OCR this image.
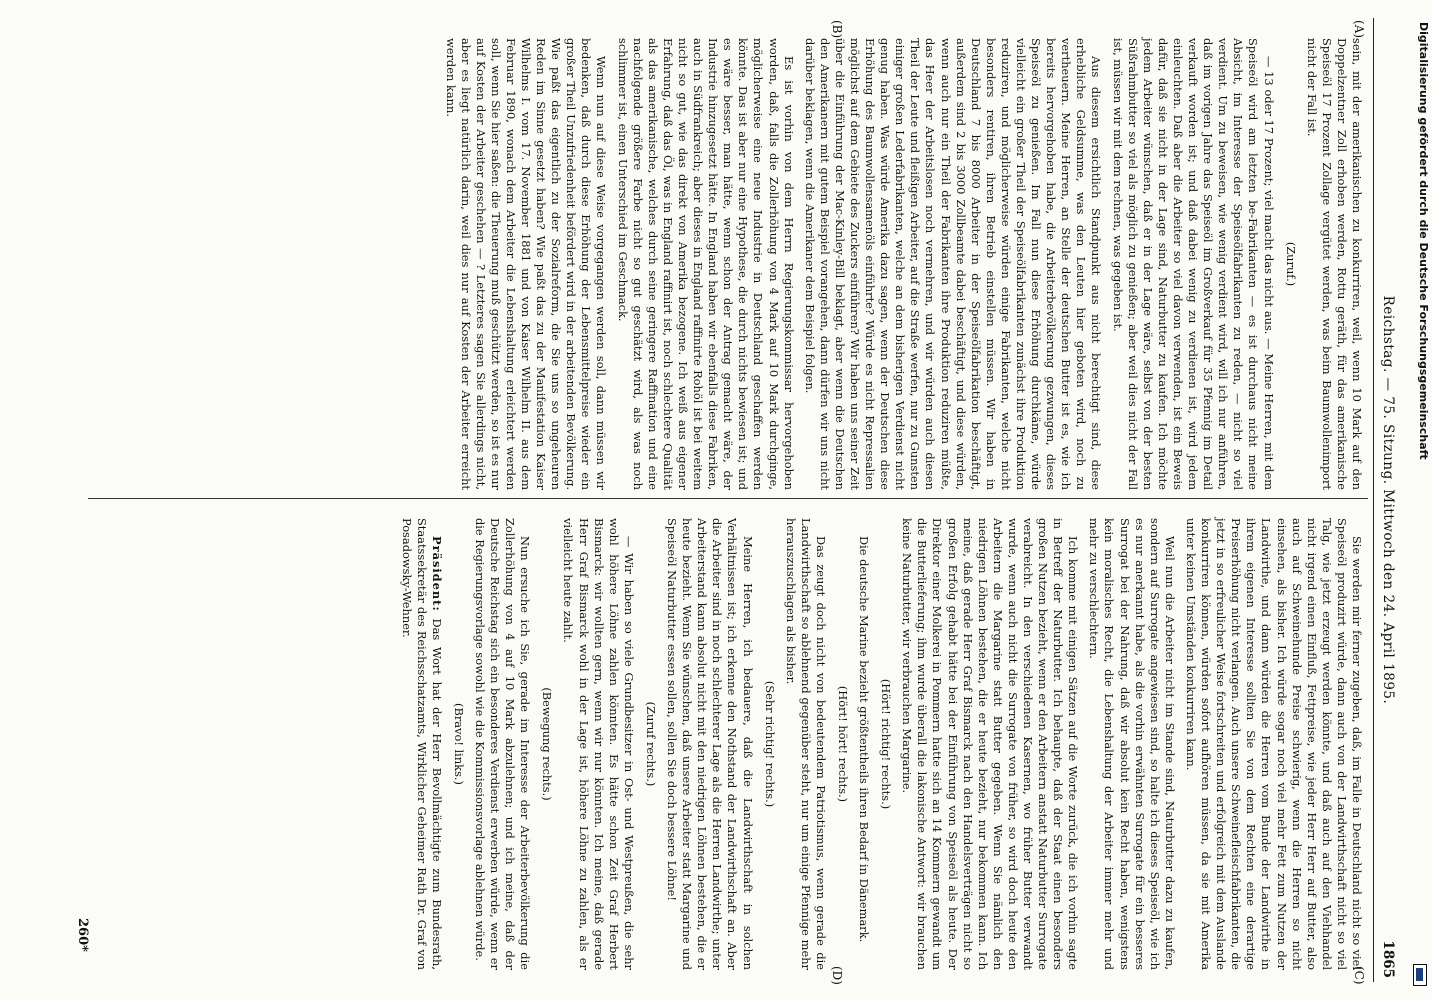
Reichstag. — 75. Sitzung. Mittwoch den 24. April 1895.
1865
(A)
(B)
(C)
(D)

sein, mit der amerikanischen zu konkurriren, weil, wenn 10 Mark auf den Doppelzentner Zoll erhoben werden, Rottu geräth, für das amerikanische Speiseöl 17 Prozent Zollage vergütet werden, was beim Baumwollenimport nicht der Fall ist.

(Zuruf.)

— 13 oder 17 Prozent; viel macht das nicht aus. — Meine Herren, mit dem Speiseöl wird am letzten be-Fabrikanten — es ist durchaus nicht meine Absicht, im Interesse der Speiseölfabrikanten zu reden, — nicht so viel verdient. Um zu beweisen, wie wenig verdient wird, will ich nur anführen, daß im vorigen Jahre das Speiseöl im Großverkauf für 35 Pfennig im Detail verkauft worden ist; und daß dabei wenig zu verdienen ist, wird jedem einleuchten. Daß aber die Arbeiter so viel davon verwenden, ist ein Beweis dafür, daß sie nicht in der Lage sind, Naturbutter zu kaufen. Ich möchte jedem Arbeiter wünschen, daß er in der Lage wäre, selbst von der besten Süßrahmbutter so viel als möglich zu genießen; aber weil dies nicht der Fall ist, müssen wir mit dem rechnen, was gegeben ist.

Aus diesem ersichtlich Standpunkt aus nicht berechtigt sind, diese erhebliche Geldsumme, was den Leuten hier geboten wird, noch zu vertheuern. Meine Herren, an Stelle der deutschen Butter ist es, wie ich bereits hervorgehoben habe, die Arbeiterbevölkerung gezwungen, dieses Speiseöl zu genießen. Im Fall nun diese Erhöhung durchkäme, würde vielleicht ein großer Theil der Speiseölfabrikanten zunächst ihre Produktion reduziren, und möglicherweise würden einige Fabrikanten, welche nicht besonders rentiren, ihren Betrieb einstellen müssen. Wir haben in Deutschland 7 bis 8000 Arbeiter in der Speiseölfabrikation beschäftigt, außerdem sind 2 bis 3000 Zollbeamte dabei beschäftigt, und diese würden, wenn auch nur ein Theil der Fabrikanten ihre Produktion reduziren müßte, das Heer der Arbeitslosen noch vermehren, und wir würden auch diesen Theil der Leute und fleißigen Arbeiter, auf die Straße werfen, nur zu Gunsten einiger großen Lederfabrikanten, welche an dem bisherigen Verdienst nicht genug haben. Was würde Amerika dazu sagen, wenn der Deutschen diese Erhöhung des Baumwollensamenöls einführte? Würde es nicht Repressalien möglichst auf dem Gebiete des Zuckers einführen? Wir haben uns seiner Zeit über die Einführung der Mac-Kinley-Bill beklagt, aber wenn die Deutschen den Amerikanern mit gutem Beispiel vorangehen, dann dürfen wir uns nicht darüber beklagen, wenn die Amerikaner dem Beispiel folgen.

Es ist vorhin von dem Herrn Regierungskommissar hervorgehoben worden, daß, falls die Zollerhöhung von 4 Mark auf 10 Mark durchginge, möglicherweise eine neue Industrie in Deutschland geschaffen werden könnte. Das ist aber nur eine Hypothese, die durch nichts bewiesen ist; und es wäre besser, man hätte, wenn schon der Antrag gemacht wäre, der Industrie hinzugesetzt hätte. In England haben wir ebenfalls diese Fabriken, auch in Südfrankreich; aber dieses in England raffinirte Rohöl ist bei weitem nicht so gut, wie das direkt von Amerika bezogene. Ich weiß aus eigener Erfahrung, daß das Öl, was in England raffinirt ist, noch schlechtere Qualität als das amerikanische, welches durch seine geringere Raffination und eine nachfolgende größere Farbe nicht so gut geschätzt wird, als was noch schlimmer ist, einen Unterschied im Geschmack.

Wenn nun auf diese Weise vorgegangen werden soll, dann müssen wir bedenken, daß durch diese Erhöhung der Lebensmittelpreise wieder ein großer Theil Unzufriedenheit befördert wird in der arbeitenden Bevölkerung. Wie paßt das eigentlich zu der Sozialreform, die Sie uns so ungeheuren Reden im Sinne gesetzt haben? Wie paßt das zu der Manifestation Kaiser Wilhelms I. vom 17. November 1881 und von Kaiser Wilhelm II. aus dem Februar 1890, wonach dem Arbeiter die Lebenshaltung erleichtert werden soll, wenn Sie hier saßen: die Theuerung muß geschützt werden, so ist es nur auf Kosten der Arbeiter geschehen — ? Letzteres sagen Sie allerdings nicht, aber es liegt natürlich darin, weil dies nur auf Kosten der Arbeiter erreicht werden kann.

Sie werden mir ferner zugeben, daß, im Falle in Deutschland nicht so viel Speiseöl produzirt würde, dann auch von der Landwirthschaft nicht so viel Talg, wie jetzt erzeugt werden könnte, und daß auch auf den Viehhandel nicht irgend einen Einfluß, Fettpreise, wie jeder Herr Herr auf Butter, also auch auf Schweinehunde Preise schwierig, wenn die Herren so nicht einsehen, als bisher. Ich würde sogar noch viel mehr Fett zum Nutzen der Landwirthe, und dann würden die Herren vom Bunde der Landwirthe in ihrem eigenen Interesse sollten Sie von dem Rechten eine derartige Preiserhöhung nicht verlangen. Auch unsere Schweinefleischfabrikanten, die jetzt in so erfreulicher Weise fortschreiten und erfolgreich mit dem Auslande konkurriren können, würden sofort aufhören müssen, da sie mit Amerika unter keinen Umständen konkurriren kann.

Weil nun die Arbeiter nicht im Stande sind, Naturbutter dazu zu kaufen, sondern auf Surrogate angewiesen sind, so halte ich dieses Speiseöl, wie ich es nur anerkannt habe, als die vorhin erwähnten Surrogate für ein besseres Surrogat bei der Nahrung, daß wir absolut kein Recht haben, wenigstens kein moralisches Recht, die Lebenshaltung der Arbeiter immer mehr und mehr zu verschlechtern.

Ich komme mit einigen Sätzen auf die Worte zurück, die ich vorhin sagte in Betreff der Naturbutter. Ich behaupte, daß der Staat einen besonders großen Nutzen bezieht, wenn er den Arbeitern anstatt Naturbutter Surrogate verabreicht. In den verschiedenen Kasernen, wo früher Butter verwandt wurde, wenn auch nicht die Surrogate von früher, so wird doch heute den Arbeitern die Margarine statt Butter gegeben. Wenn Sie nämlich den niedrigen Löhnen bestehen, die er heute bezieht, nur bekommen kann. Ich meine, daß gerade Herr Graf Bismarck nach den Handelsverträgen nicht so großen Erfolg gehabt hätte bei der Einführung von Speiseöl als heute. Der Direktor einer Molkerei in Pommern hatte sich an 14 Kommern gewandt um die Butterlieferung; ihm wurde überall die lakonische Antwort: wir brauchen keine Naturbutter, wir verbrauchen Margarine.

(Hört! richtig! rechts.)

Die deutsche Marine bezieht größtentheils ihren Bedarf in Dänemark.

(Hört! hört! rechts.)

Das zeugt doch nicht von bedeutendem Patriotismus, wenn gerade die Landwirthschaft so ablehnend gegenüber steht, nur um einige Pfennige mehr herauszuschlagen als bisher.

(Sehr richtig! rechts.)

Meine Herren, ich bedauere, daß die Landwirthschaft in solchen Verhältnissen ist; ich erkenne den Nothstand der Landwirthschaft an. Aber die Arbeiter sind in noch schlechterer Lage als die Herren Landwirthe; unter Arbeiterstand kann absolut nicht mit den niedrigen Löhnen bestehen, die er heute bezieht. Wenn Sie wünschen, daß unsere Arbeiter statt Margarine und Speiseöl Naturbutter essen sollen, sollen Sie doch bessere Löhne!

(Zuruf rechts.)

— Wir haben so viele Grundbesitzer in Ost- und Westpreußen, die sehr wohl höhere Löhne zahlen könnten. Es hätte schon Zeit Graf Herbert Bismarck: wir wollten gern, wenn wir nur könnten. Ich meine, daß gerade Herr Graf Bismarck wohl in der Lage ist, höhere Löhne zu zahlen, als er vielleicht heute zahlt.

(Bewegung rechts.)

Nun ersuche ich Sie, gerade im Interesse der Arbeiterbevölkerung die Zollerhöhung von 4 auf 10 Mark abzulehnen; und ich meine, daß der Deutsche Reichstag sich ein besonderes Verdienst erwerben würde, wenn er die Regierungsvorlage sowohl wie die Kommissionsvorlage ablehnen würde.

(Bravo! links.)

Präsident: Das Wort hat der Herr Bevollmächtigte zum Bundesrath, Staatssekretär des Reichsschatzamts, Wirklicher Geheimer Rath Dr. Graf von Posadowsky-Wehner.

260*
Digitalisierung gefördert durch die Deutsche Forschungsgemeinschaft
